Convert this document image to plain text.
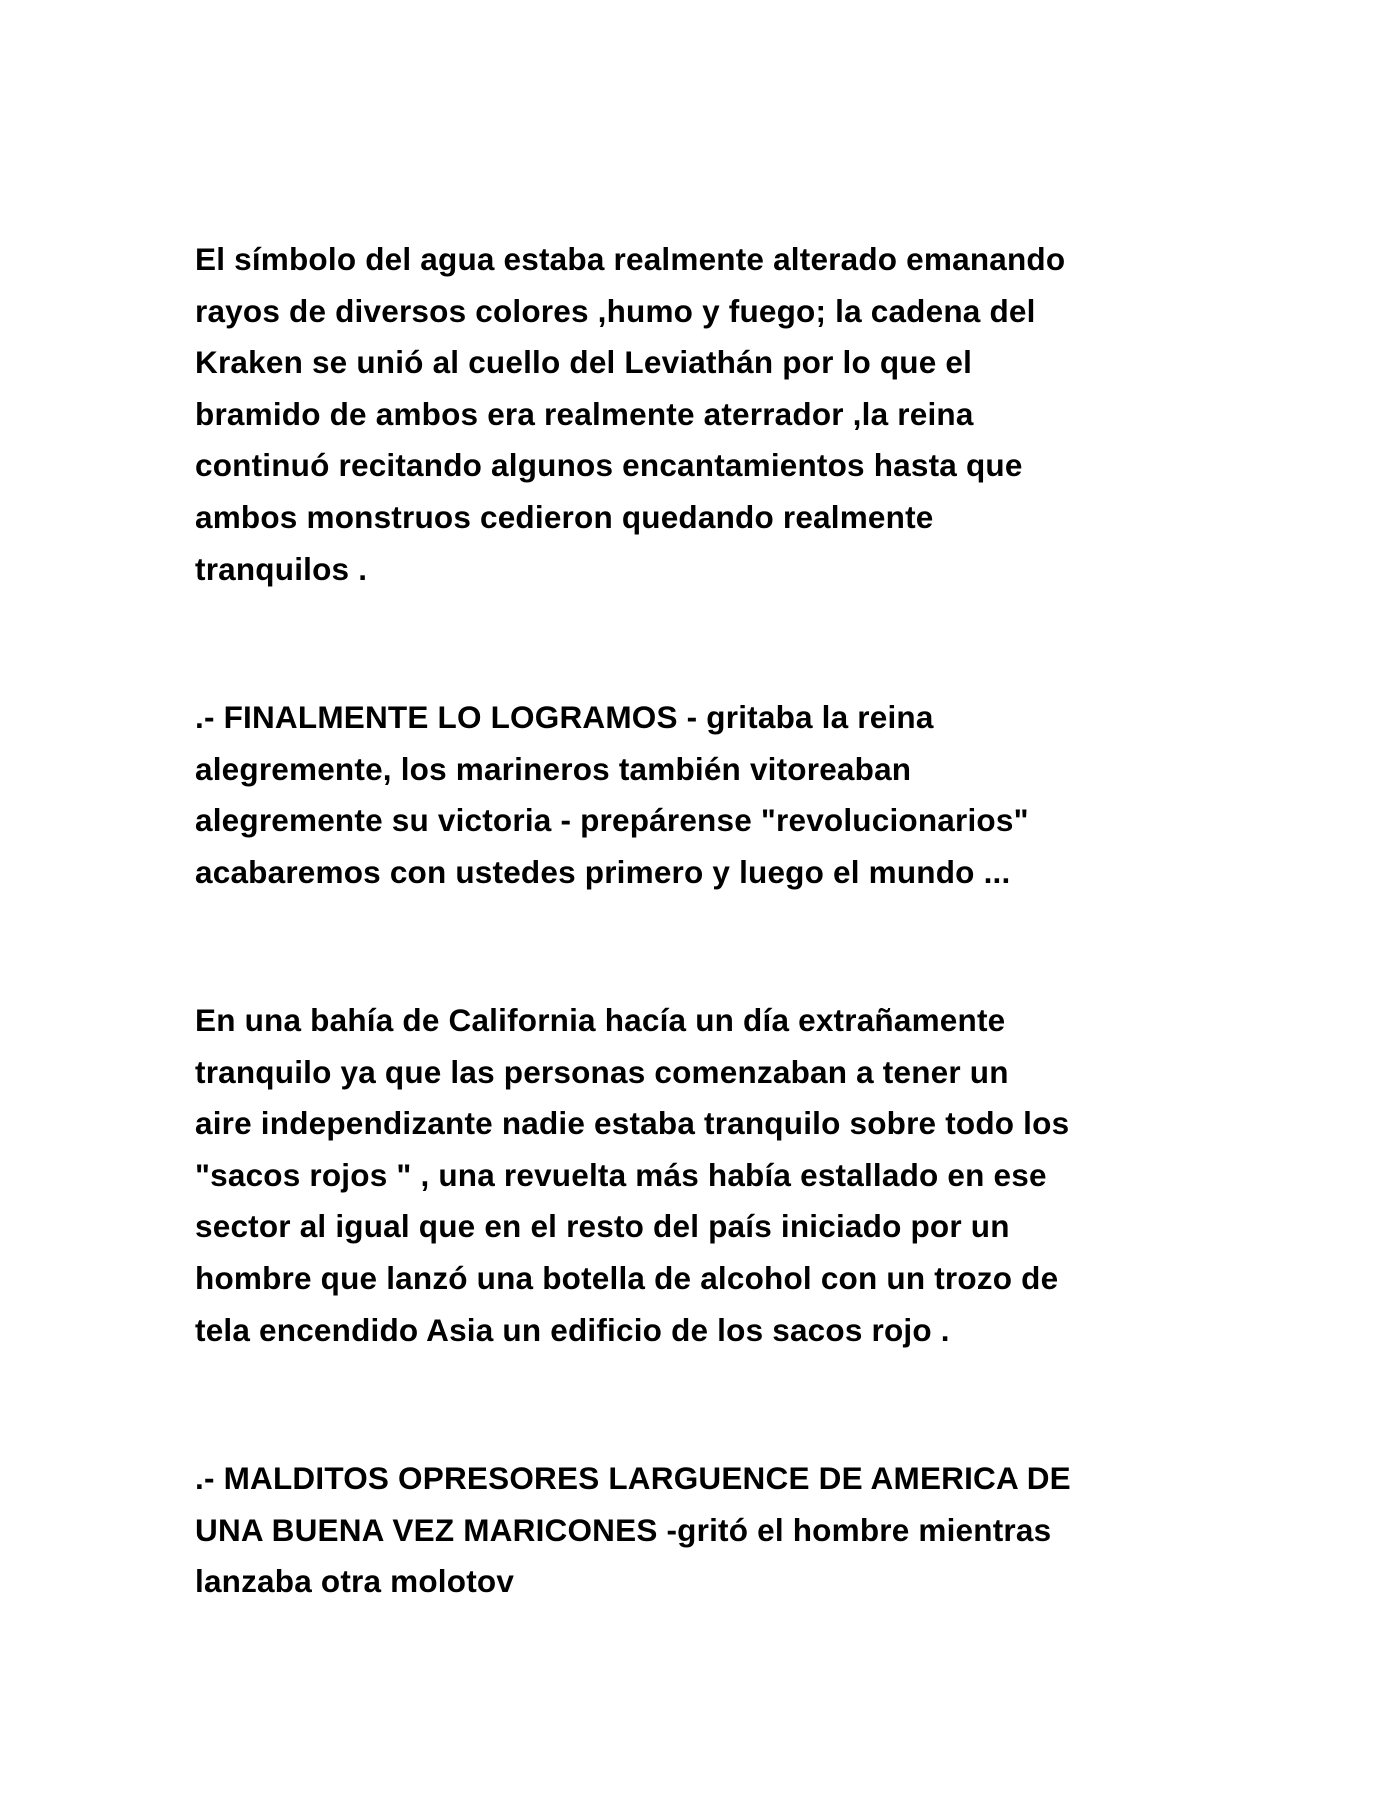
El símbolo del agua estaba realmente alterado emanando
rayos de diversos colores ,humo y fuego; la cadena del
Kraken se unió al cuello del Leviathán por lo que el
bramido de ambos era realmente aterrador ,la reina
continuó recitando algunos encantamientos hasta que
ambos monstruos cedieron quedando realmente
tranquilos .
.- FINALMENTE LO LOGRAMOS - gritaba la reina
alegremente, los marineros también vitoreaban
alegremente su victoria - prepárense "revolucionarios"
acabaremos con ustedes primero y luego el mundo ...
En una bahía de California hacía un día extrañamente
tranquilo ya que las personas comenzaban a tener un
aire independizante nadie estaba tranquilo sobre todo los
"sacos rojos " , una revuelta más había estallado en ese
sector al igual que en el resto del país iniciado por un
hombre que lanzó una botella de alcohol con un trozo de
tela encendido Asia un edificio de los sacos rojo .
.- MALDITOS OPRESORES LARGUENCE DE AMERICA DE
UNA BUENA VEZ MARICONES -gritó el hombre mientras
lanzaba otra molotov
